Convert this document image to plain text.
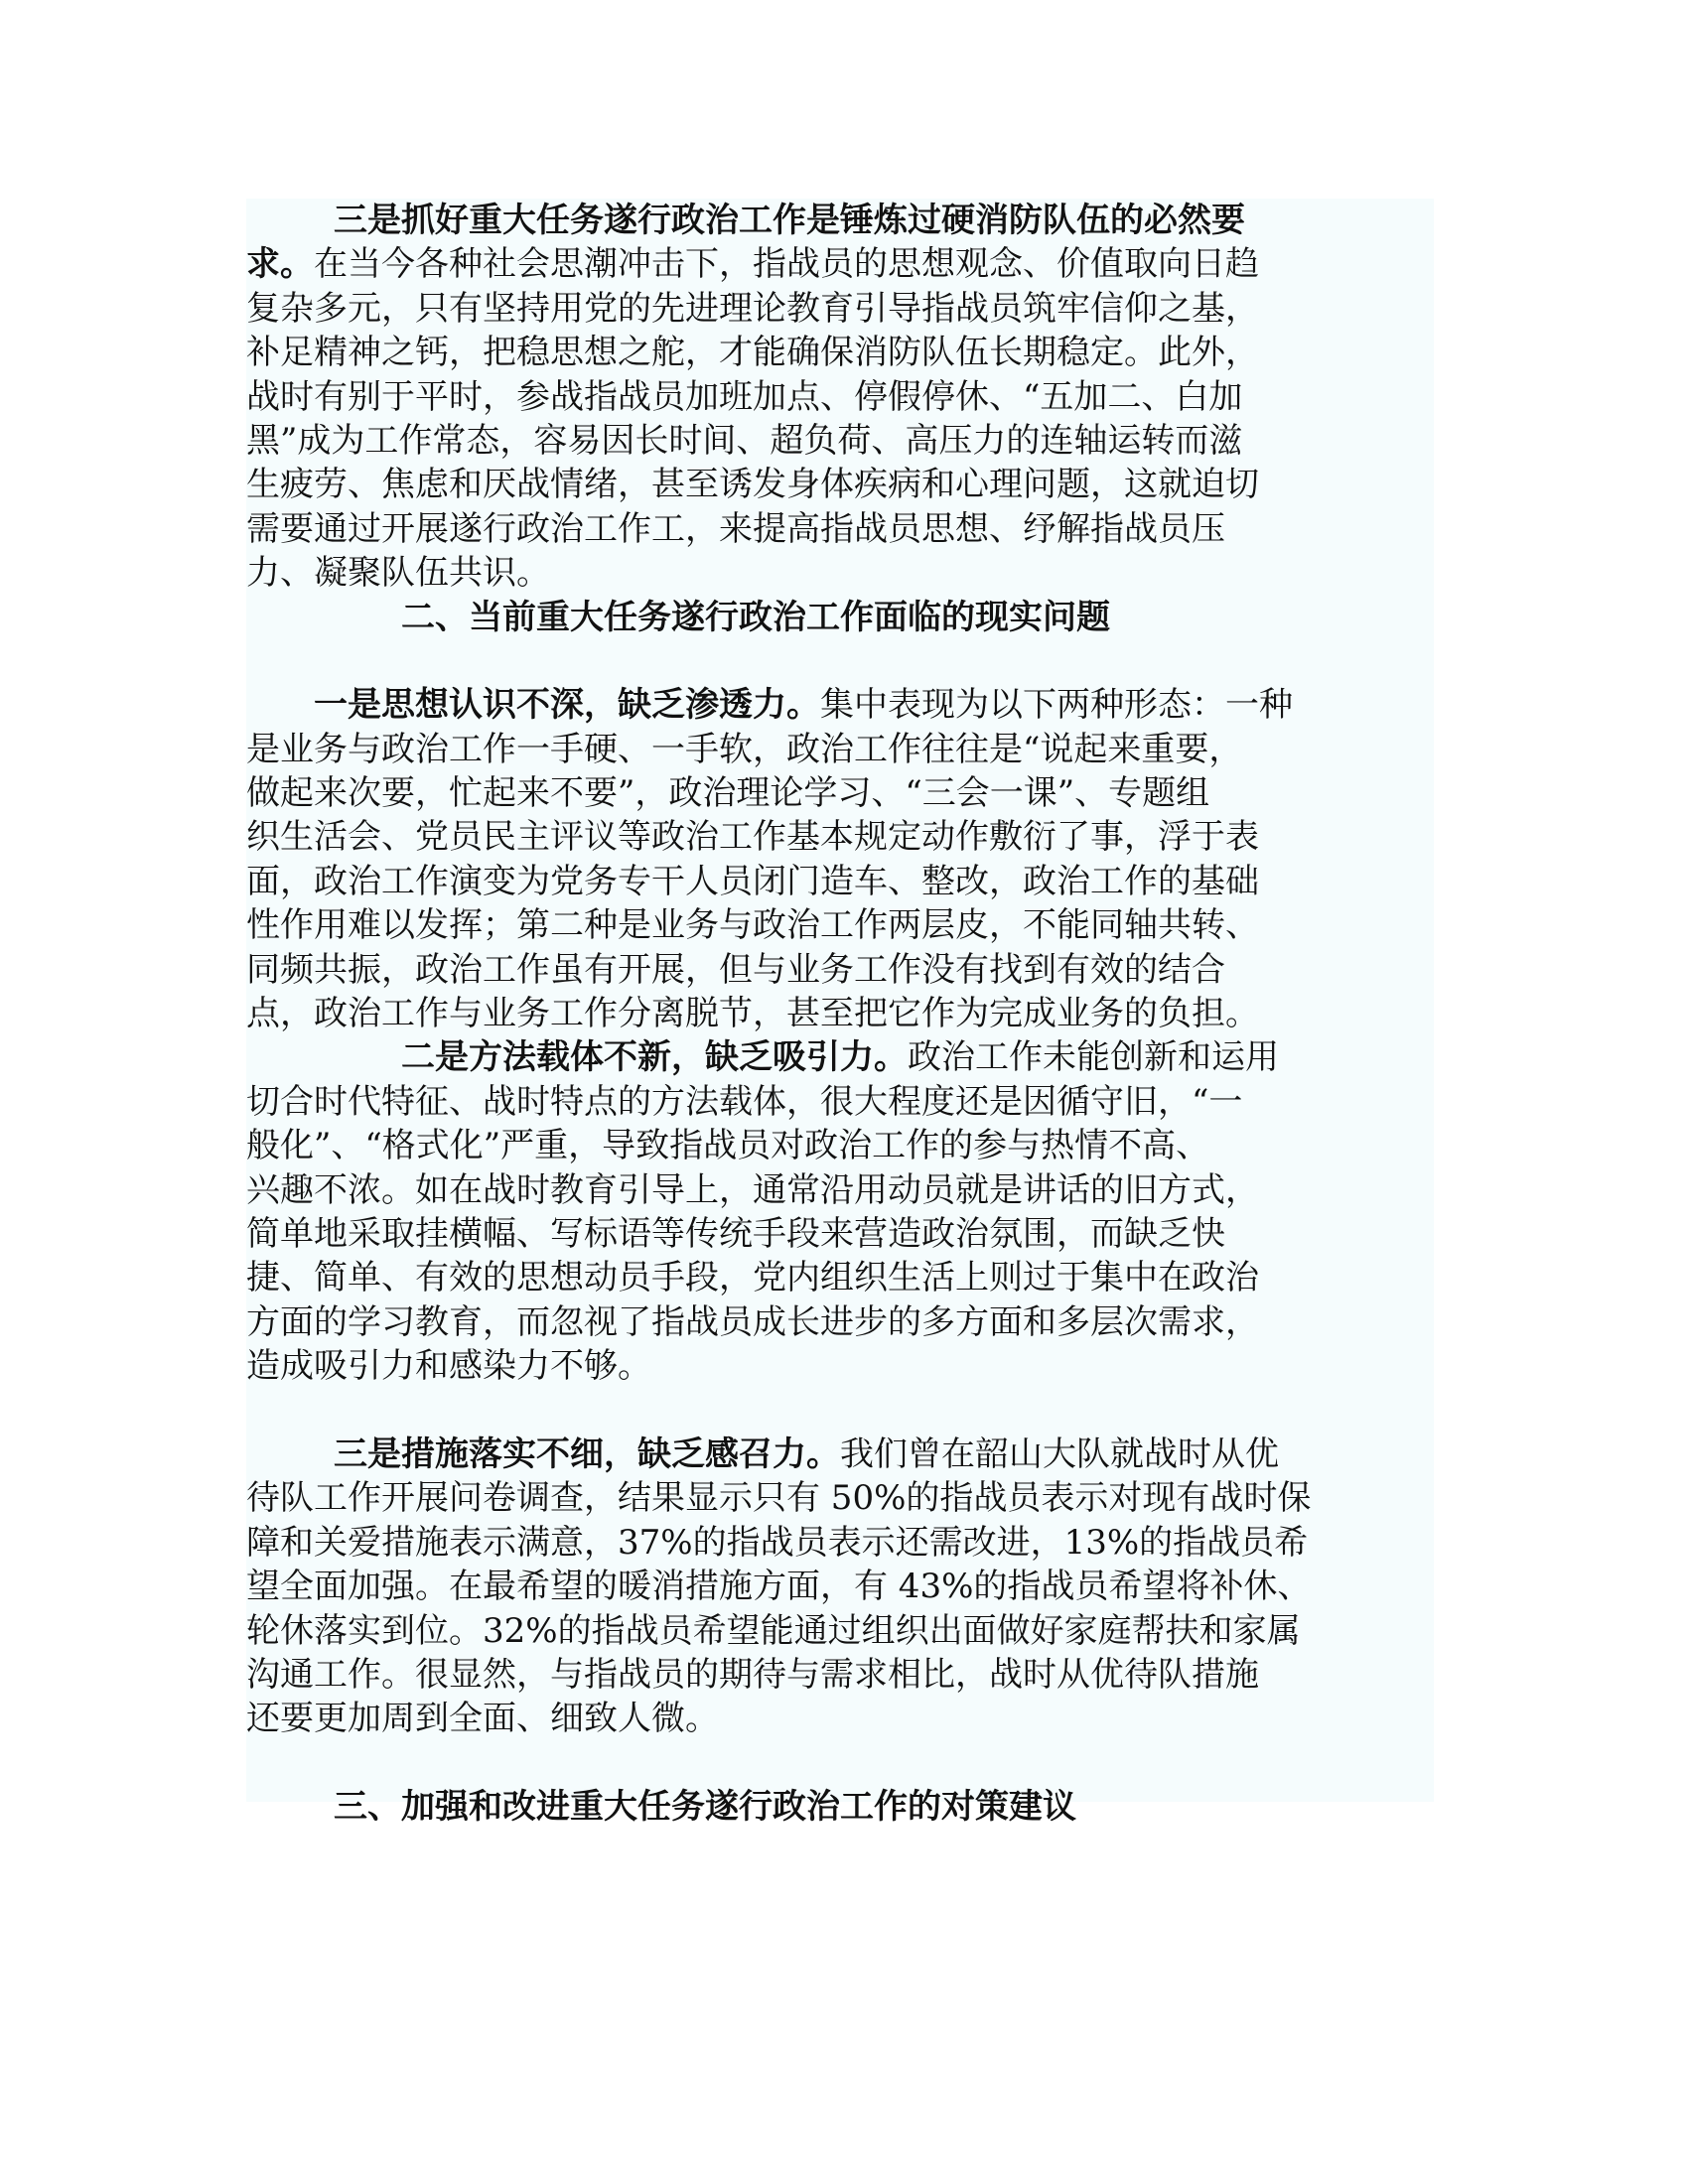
三是抓好重大任务遂行政治工作是锤炼过硬消防队伍的必然要
求。在当今各种社会思潮冲击下，指战员的思想观念、价值取向日趋
复杂多元，只有坚持用党的先进理论教育引导指战员筑牢信仰之基，
补足精神之钙，把稳思想之舵，才能确保消防队伍长期稳定。此外，
战时有别于平时，参战指战员加班加点、停假停休、“五加二、白加
黑”成为工作常态，容易因长时间、超负荷、高压力的连轴运转而滋
生疲劳、焦虑和厌战情绪，甚至诱发身体疾病和心理问题，这就迫切
需要通过开展遂行政治工作工，来提高指战员思想、纾解指战员压
力、凝聚队伍共识。
二、当前重大任务遂行政治工作面临的现实问题
一是思想认识不深，缺乏渗透力。集中表现为以下两种形态：一种
是业务与政治工作一手硬、一手软，政治工作往往是“说起来重要，
做起来次要，忙起来不要”，政治理论学习、“三会一课”、专题组
织生活会、党员民主评议等政治工作基本规定动作敷衍了事，浮于表
面，政治工作演变为党务专干人员闭门造车、整改，政治工作的基础
性作用难以发挥；第二种是业务与政治工作两层皮，不能同轴共转、
同频共振，政治工作虽有开展，但与业务工作没有找到有效的结合
点，政治工作与业务工作分离脱节，甚至把它作为完成业务的负担。
二是方法载体不新，缺乏吸引力。政治工作未能创新和运用
切合时代特征、战时特点的方法载体，很大程度还是因循守旧，“一
般化”、“格式化”严重，导致指战员对政治工作的参与热情不高、
兴趣不浓。如在战时教育引导上，通常沿用动员就是讲话的旧方式，
简单地采取挂横幅、写标语等传统手段来营造政治氛围，而缺乏快
捷、简单、有效的思想动员手段，党内组织生活上则过于集中在政治
方面的学习教育，而忽视了指战员成长进步的多方面和多层次需求，
造成吸引力和感染力不够。
三是措施落实不细，缺乏感召力。我们曾在韶山大队就战时从优
待队工作开展问卷调查，结果显示只有 50%的指战员表示对现有战时保
障和关爱措施表示满意，37%的指战员表示还需改进，13%的指战员希
望全面加强。在最希望的暖消措施方面，有 43%的指战员希望将补休、
轮休落实到位。32%的指战员希望能通过组织出面做好家庭帮扶和家属
沟通工作。很显然，与指战员的期待与需求相比，战时从优待队措施
还要更加周到全面、细致人微。
三、加强和改进重大任务遂行政治工作的对策建议
